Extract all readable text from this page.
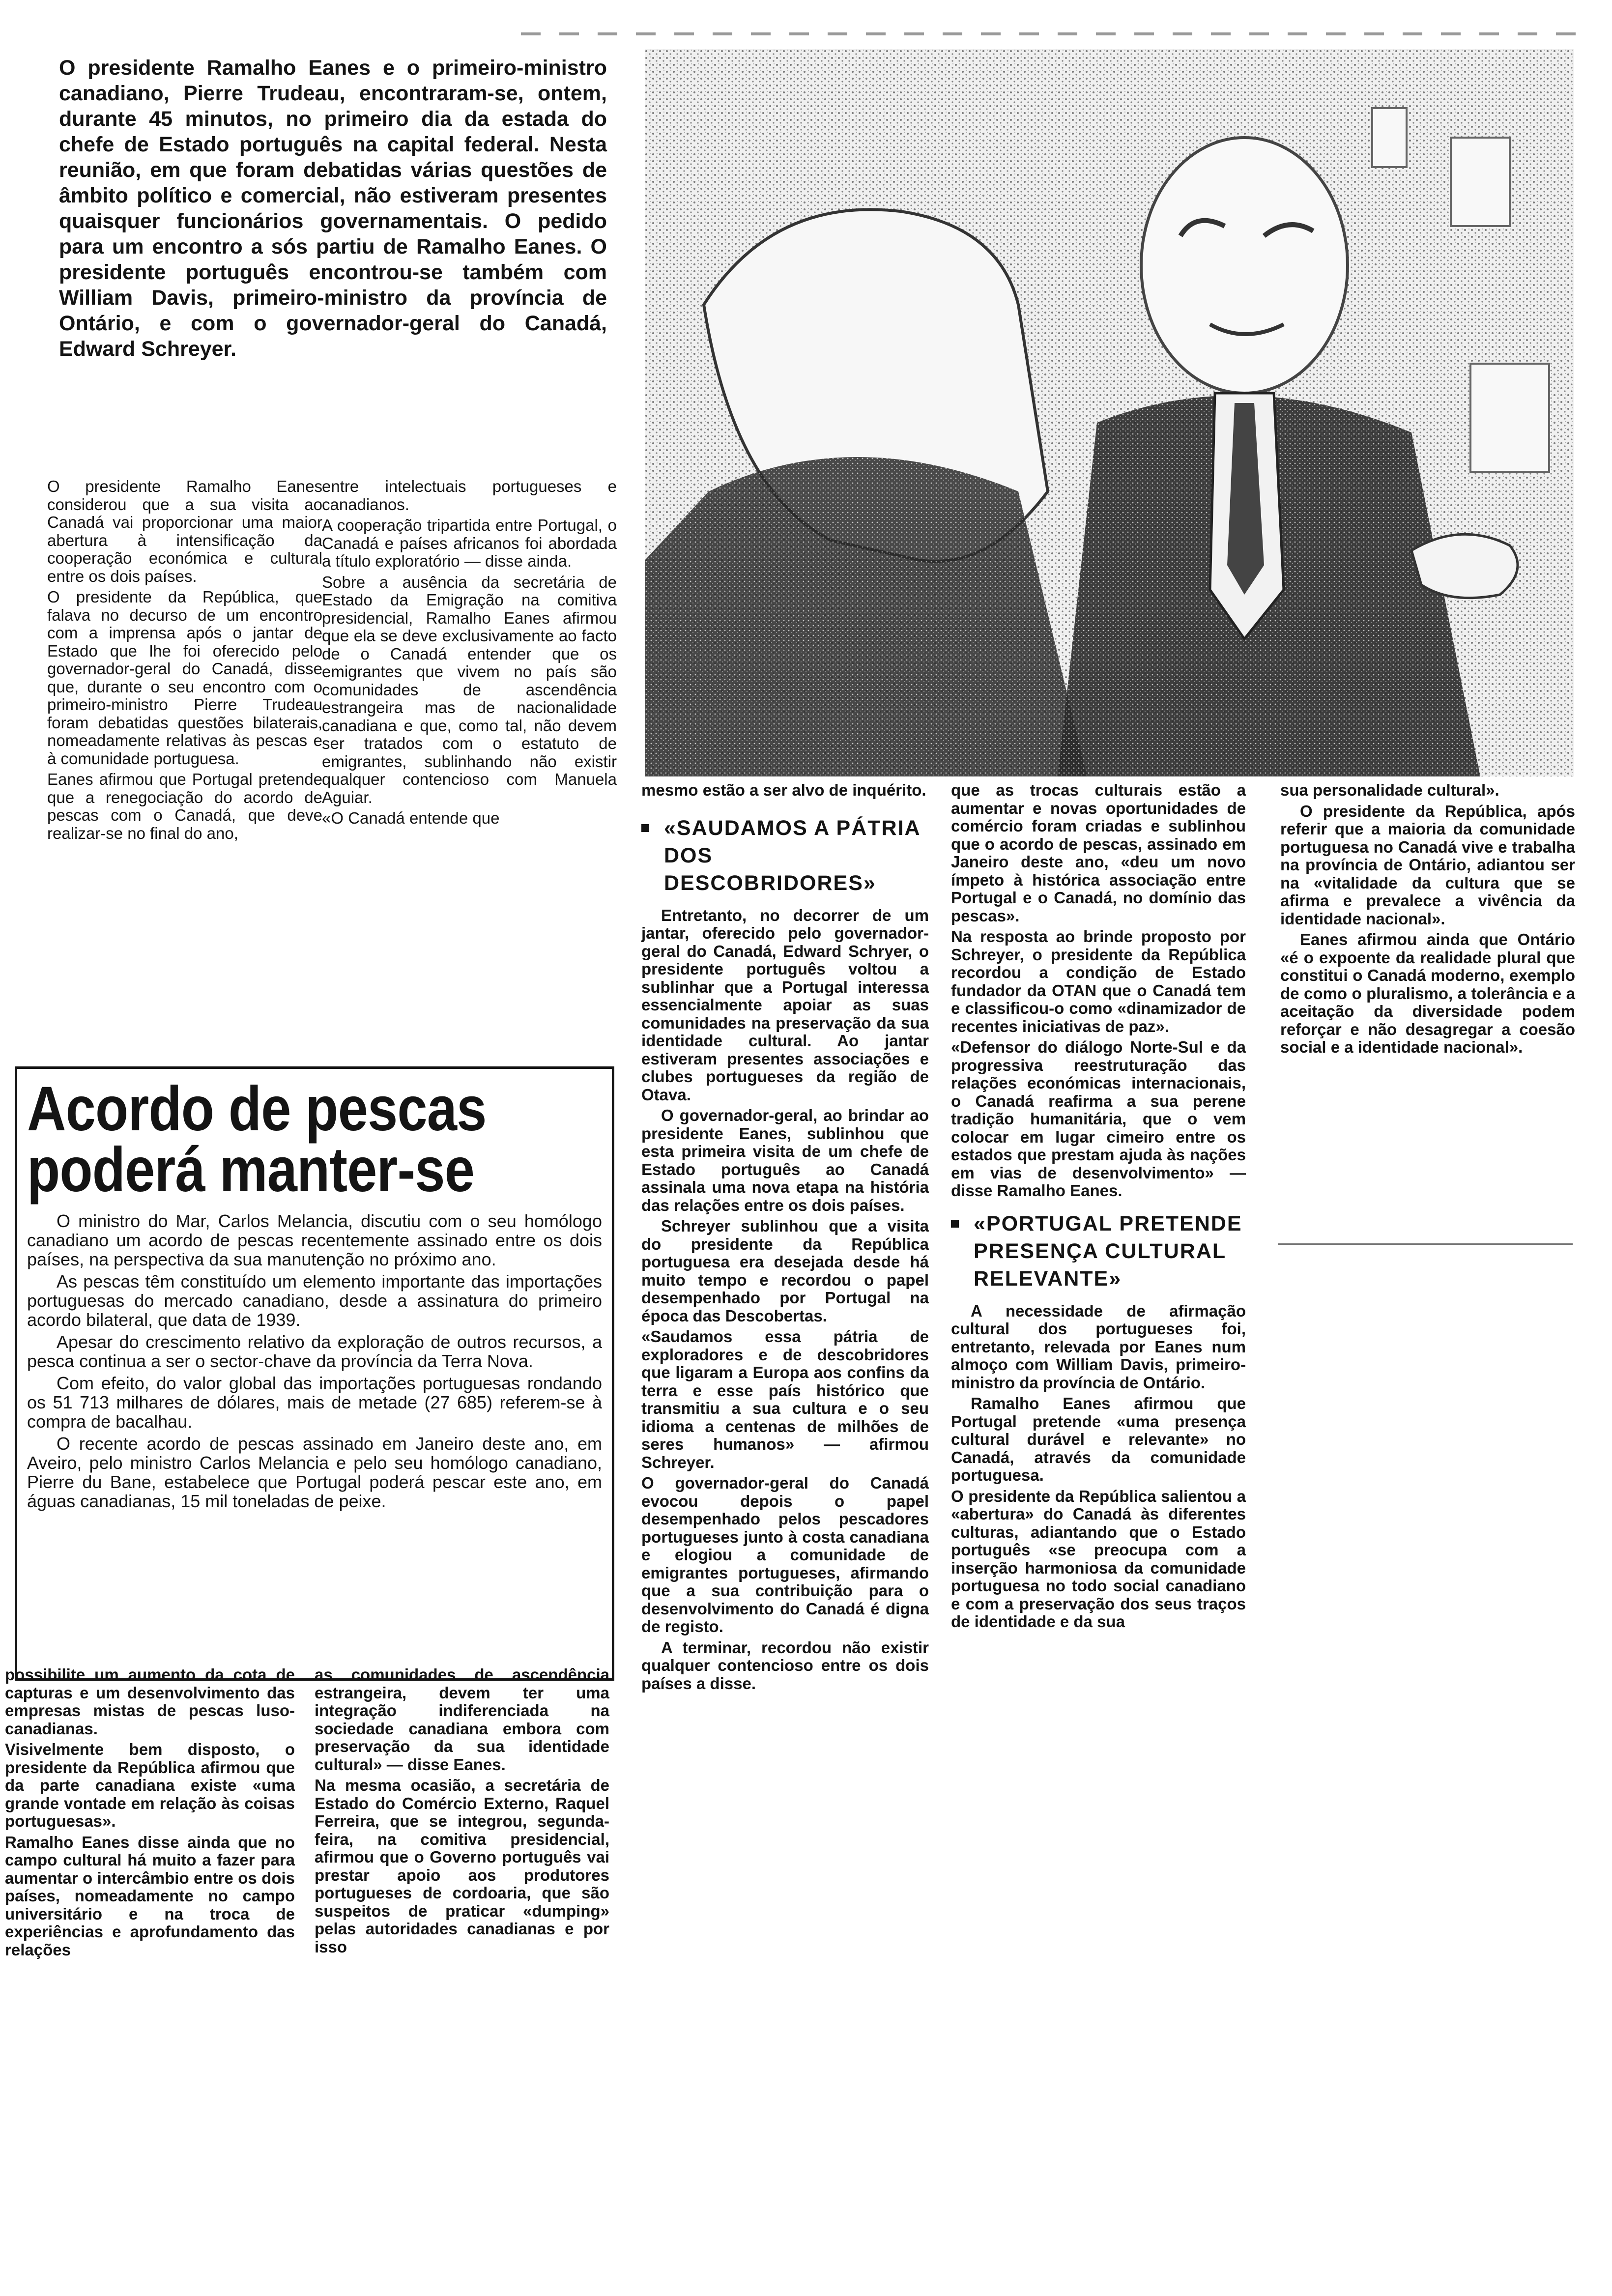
O presidente Ramalho Eanes e o primeiro-ministro canadiano, Pierre Trudeau, encontraram-se, ontem, durante 45 minutos, no primeiro dia da estada do chefe de Estado português na capital federal. Nesta reunião, em que foram debatidas várias questões de âmbito político e comercial, não estiveram presentes quaisquer funcionários governamentais. O pedido para um encontro a sós partiu de Ramalho Eanes. O presidente português encontrou-se também com William Davis, primeiro-ministro da província de Ontário, e com o governador-geral do Canadá, Edward Schreyer.

O presidente Ramalho Eanes considerou que a sua visita ao Canadá vai proporcionar uma maior abertura à intensificação da cooperação económica e cultural entre os dois países.

O presidente da República, que falava no decurso de um encontro com a imprensa após o jantar de Estado que lhe foi oferecido pelo governador-geral do Canadá, disse que, durante o seu encontro com o primeiro-ministro Pierre Trudeau foram debatidas questões bilaterais, nomeadamente relativas às pescas e à comunidade portuguesa.

Eanes afirmou que Portugal pretende que a renegociação do acordo de pescas com o Canadá, que deve realizar-se no final do ano,

entre intelectuais portugueses e canadianos.

A cooperação tripartida entre Portugal, o Canadá e países africanos foi abordada a título exploratório — disse ainda.

Sobre a ausência da secretária de Estado da Emigração na comitiva presidencial, Ramalho Eanes afirmou que ela se deve exclusivamente ao facto de o Canadá entender que os emigrantes que vivem no país são comunidades de ascendência estrangeira mas de nacionalidade canadiana e que, como tal, não devem ser tratados com o estatuto de emigrantes, sublinhando não existir qualquer contencioso com Manuela Aguiar.

«O Canadá entende que

Acordo de pescas
poderá manter-se

O ministro do Mar, Carlos Melancia, discutiu com o seu homólogo canadiano um acordo de pescas recentemente assinado entre os dois países, na perspectiva da sua manutenção no próximo ano.

As pescas têm constituído um elemento importante das importações portuguesas do mercado canadiano, desde a assinatura do primeiro acordo bilateral, que data de 1939.

Apesar do crescimento relativo da exploração de outros recursos, a pesca continua a ser o sector-chave da província da Terra Nova.

Com efeito, do valor global das importações portuguesas rondando os 51 713 milhares de dólares, mais de metade (27 685) referem-se à compra de bacalhau.

O recente acordo de pescas assinado em Janeiro deste ano, em Aveiro, pelo ministro Carlos Melancia e pelo seu homólogo canadiano, Pierre du Bane, estabelece que Portugal poderá pescar este ano, em águas canadianas, 15 mil toneladas de peixe.

possibilite um aumento da cota de capturas e um desenvolvimento das empresas mistas de pescas luso-canadianas.

Visivelmente bem disposto, o presidente da República afirmou que da parte canadiana existe «uma grande vontade em relação às coisas portuguesas».

Ramalho Eanes disse ainda que no campo cultural há muito a fazer para aumentar o intercâmbio entre os dois países, nomeadamente no campo universitário e na troca de experiências e aprofundamento das relações

as comunidades de ascendência estrangeira, devem ter uma integração indiferenciada na sociedade canadiana embora com preservação da sua identidade cultural» — disse Eanes.

Na mesma ocasião, a secretária de Estado do Comércio Externo, Raquel Ferreira, que se integrou, segunda-feira, na comitiva presidencial, afirmou que o Governo português vai prestar apoio aos produtores portugueses de cordoaria, que são suspeitos de praticar «dumping» pelas autoridades canadianas e por isso

mesmo estão a ser alvo de inquérito.

«SAUDAMOS A PÁTRIA DOS DESCOBRIDORES»

Entretanto, no decorrer de um jantar, oferecido pelo governador-geral do Canadá, Edward Schryer, o presidente português voltou a sublinhar que a Portugal interessa essencialmente apoiar as suas comunidades na preservação da sua identidade cultural. Ao jantar estiveram presentes associações e clubes portugueses da região de Otava.

O governador-geral, ao brindar ao presidente Eanes, sublinhou que esta primeira visita de um chefe de Estado português ao Canadá assinala uma nova etapa na história das relações entre os dois países.

Schreyer sublinhou que a visita do presidente da República portuguesa era desejada desde há muito tempo e recordou o papel desempenhado por Portugal na época das Descobertas.

«Saudamos essa pátria de exploradores e de descobridores que ligaram a Europa aos confins da terra e esse país histórico que transmitiu a sua cultura e o seu idioma a centenas de milhões de seres humanos» — afirmou Schreyer.

O governador-geral do Canadá evocou depois o papel desempenhado pelos pescadores portugueses junto à costa canadiana e elogiou a comunidade de emigrantes portugueses, afirmando que a sua contribuição para o desenvolvimento do Canadá é digna de registo.

A terminar, recordou não existir qualquer contencioso entre os dois países a disse.

que as trocas culturais estão a aumentar e novas oportunidades de comércio foram criadas e sublinhou que o acordo de pescas, assinado em Janeiro deste ano, «deu um novo ímpeto à histórica associação entre Portugal e o Canadá, no domínio das pescas».

Na resposta ao brinde proposto por Schreyer, o presidente da República recordou a condição de Estado fundador da OTAN que o Canadá tem e classificou-o como «dinamizador de recentes iniciativas de paz».

«Defensor do diálogo Norte-Sul e da progressiva reestruturação das relações económicas internacionais, o Canadá reafirma a sua perene tradição humanitária, que o vem colocar em lugar cimeiro entre os estados que prestam ajuda às nações em vias de desenvolvimento» — disse Ramalho Eanes.

«PORTUGAL PRETENDE PRESENÇA CULTURAL RELEVANTE»

A necessidade de afirmação cultural dos portugueses foi, entretanto, relevada por Eanes num almoço com William Davis, primeiro-ministro da província de Ontário.

Ramalho Eanes afirmou que Portugal pretende «uma presença cultural durável e relevante» no Canadá, através da comunidade portuguesa.

O presidente da República salientou a «abertura» do Canadá às diferentes culturas, adiantando que o Estado português «se preocupa com a inserção harmoniosa da comunidade portuguesa no todo social canadiano e com a preservação dos seus traços de identidade e da sua

sua personalidade cultural».

O presidente da República, após referir que a maioria da comunidade portuguesa no Canadá vive e trabalha na província de Ontário, adiantou ser na «vitalidade da cultura que se afirma e prevalece a vivência da identidade nacional».

Eanes afirmou ainda que Ontário «é o expoente da realidade plural que constitui o Canadá moderno, exemplo de como o pluralismo, a tolerância e a aceitação da diversidade podem reforçar e não desagregar a coesão social e a identidade nacional».
